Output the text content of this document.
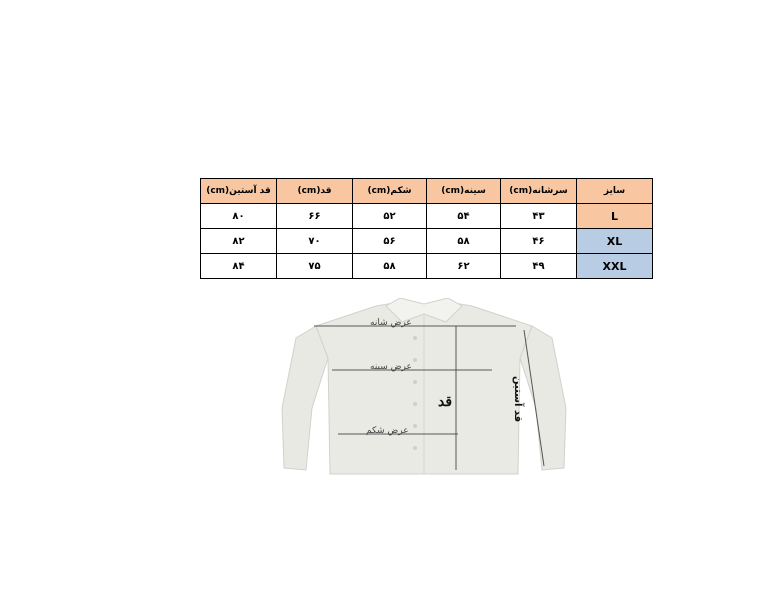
سایز	سرشانه(cm)	سینه(cm)	شکم(cm)	قد(cm)	قد آستین(cm)
L	۴۳	۵۴	۵۲	۶۶	۸۰
XL	۴۶	۵۸	۵۶	۷۰	۸۲
XXL	۴۹	۶۲	۵۸	۷۵	۸۴
عرض شانه
عرض سینه
عرض شکم
قد	قد آستین
